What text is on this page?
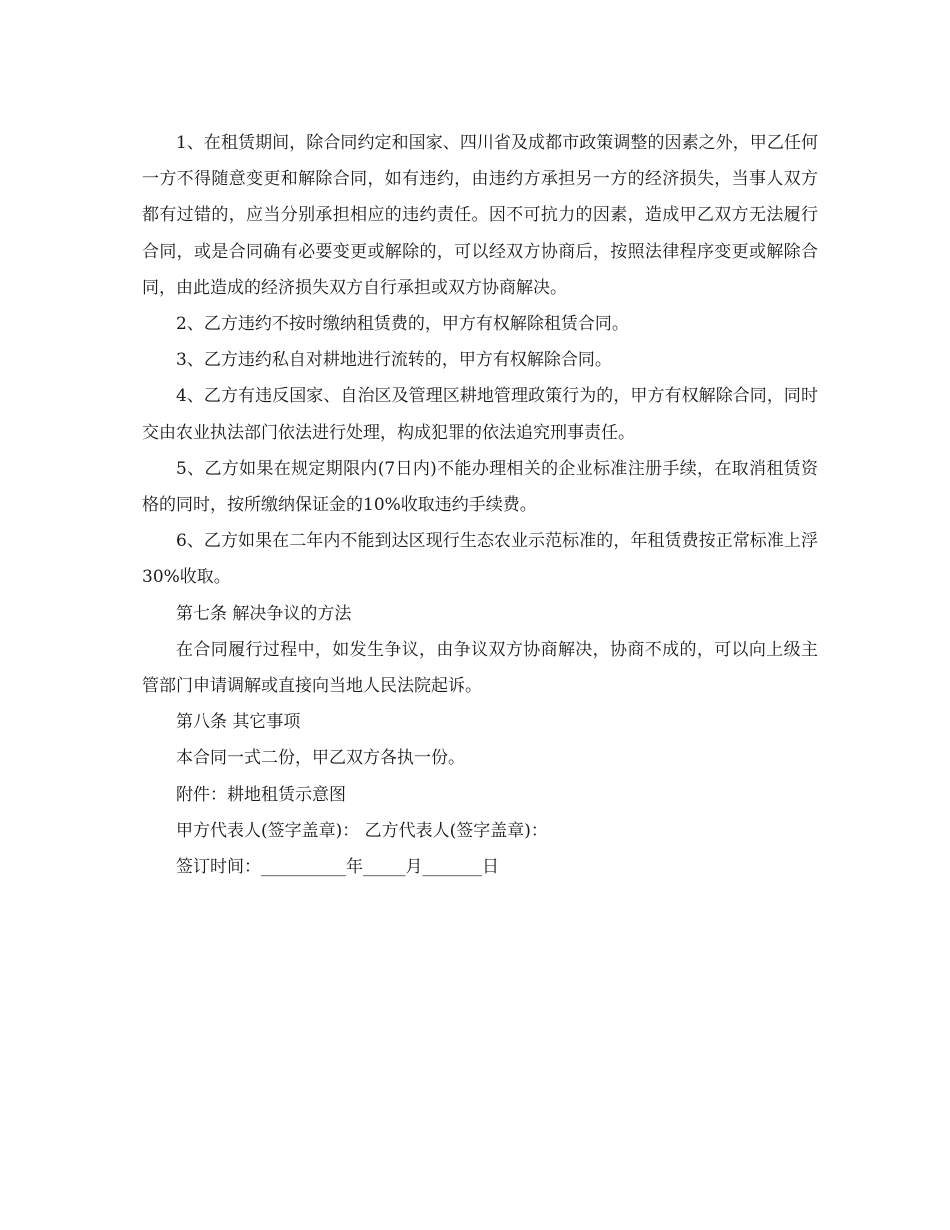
1、在租赁期间，除合同约定和国家、四川省及成都市政策调整的因素之外，甲乙任何一方不得随意变更和解除合同，如有违约，由违约方承担另一方的经济损失，当事人双方都有过错的，应当分别承担相应的违约责任。因不可抗力的因素，造成甲乙双方无法履行合同，或是合同确有必要变更或解除的，可以经双方协商后，按照法律程序变更或解除合同，由此造成的经济损失双方自行承担或双方协商解决。

2、乙方违约不按时缴纳租赁费的，甲方有权解除租赁合同。

3、乙方违约私自对耕地进行流转的，甲方有权解除合同。

4、乙方有违反国家、自治区及管理区耕地管理政策行为的，甲方有权解除合同，同时交由农业执法部门依法进行处理，构成犯罪的依法追究刑事责任。

5、乙方如果在规定期限内(7日内)不能办理相关的企业标准注册手续，在取消租赁资格的同时，按所缴纳保证金的10%收取违约手续费。

6、乙方如果在二年内不能到达区现行生态农业示范标准的，年租赁费按正常标准上浮30%收取。

第七条 解决争议的方法

在合同履行过程中，如发生争议，由争议双方协商解决，协商不成的，可以向上级主管部门申请调解或直接向当地人民法院起诉。

第八条 其它事项

本合同一式二份，甲乙双方各执一份。

附件：耕地租赁示意图

甲方代表人(签字盖章)： 乙方代表人(签字盖章)：

签订时间：__________年_____月_______日
